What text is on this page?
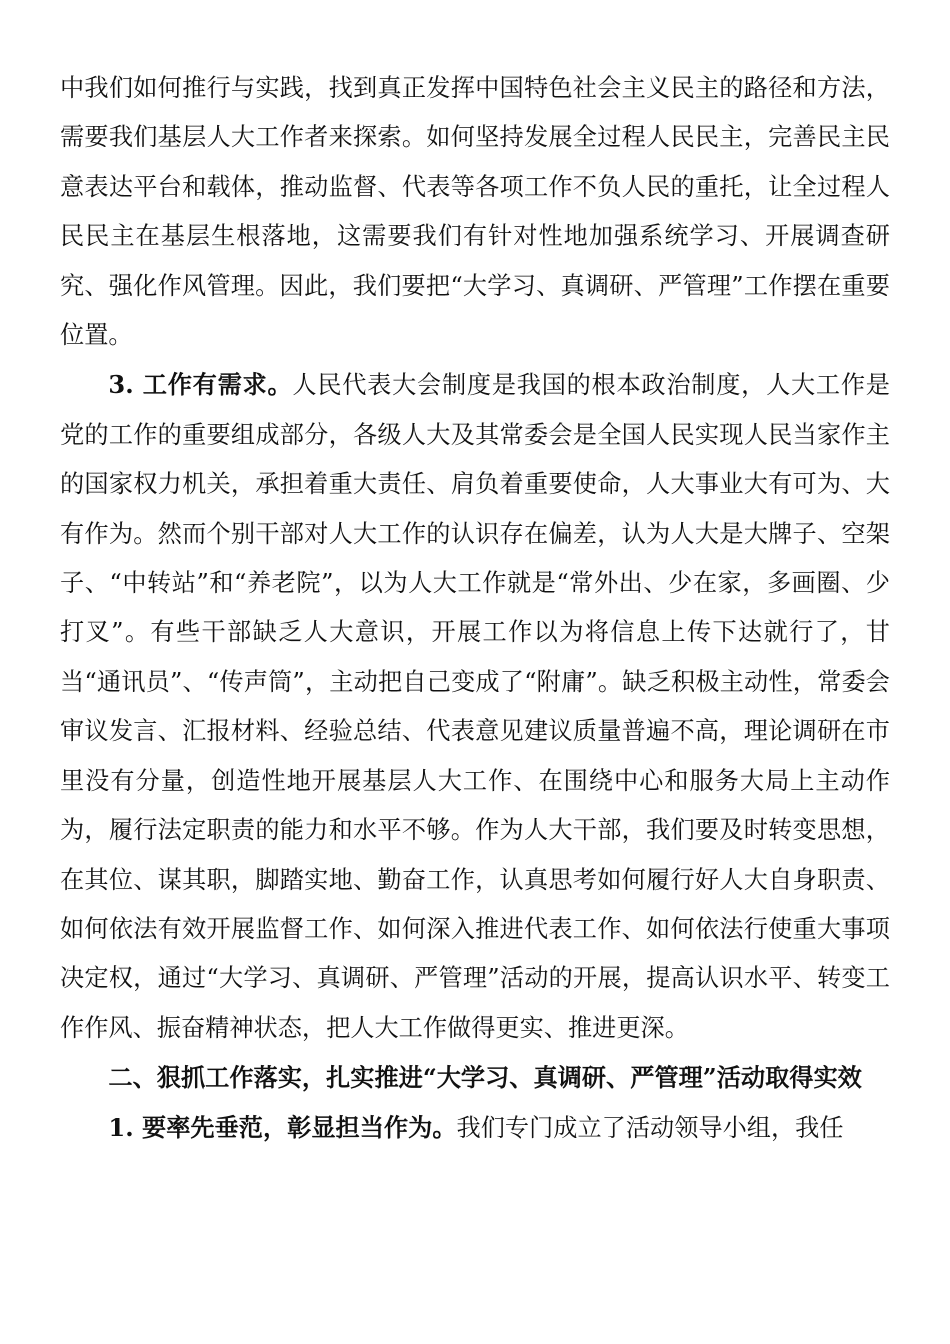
中我们如何推行与实践，找到真正发挥中国特色社会主义民主的路径和方法，需要我们基层人大工作者来探索。如何坚持发展全过程人民民主，完善民主民意表达平台和载体，推动监督、代表等各项工作不负人民的重托，让全过程人民民主在基层生根落地，这需要我们有针对性地加强系统学习、开展调查研究、强化作风管理。因此，我们要把“大学习、真调研、严管理”工作摆在重要位置。

3. 工作有需求。人民代表大会制度是我国的根本政治制度，人大工作是党的工作的重要组成部分，各级人大及其常委会是全国人民实现人民当家作主的国家权力机关，承担着重大责任、肩负着重要使命，人大事业大有可为、大有作为。然而个别干部对人大工作的认识存在偏差，认为人大是大牌子、空架子、“中转站”和“养老院”，以为人大工作就是“常外出、少在家，多画圈、少打叉”。有些干部缺乏人大意识，开展工作以为将信息上传下达就行了，甘当“通讯员”、“传声筒”，主动把自己变成了“附庸”。缺乏积极主动性，常委会审议发言、汇报材料、经验总结、代表意见建议质量普遍不高，理论调研在市里没有分量，创造性地开展基层人大工作、在围绕中心和服务大局上主动作为，履行法定职责的能力和水平不够。作为人大干部，我们要及时转变思想，在其位、谋其职，脚踏实地、勤奋工作，认真思考如何履行好人大自身职责、如何依法有效开展监督工作、如何深入推进代表工作、如何依法行使重大事项决定权，通过“大学习、真调研、严管理”活动的开展，提高认识水平、转变工作作风、振奋精神状态，把人大工作做得更实、推进更深。

二、狠抓工作落实，扎实推进“大学习、真调研、严管理”活动取得实效

1. 要率先垂范，彰显担当作为。我们专门成立了活动领导小组，我任
